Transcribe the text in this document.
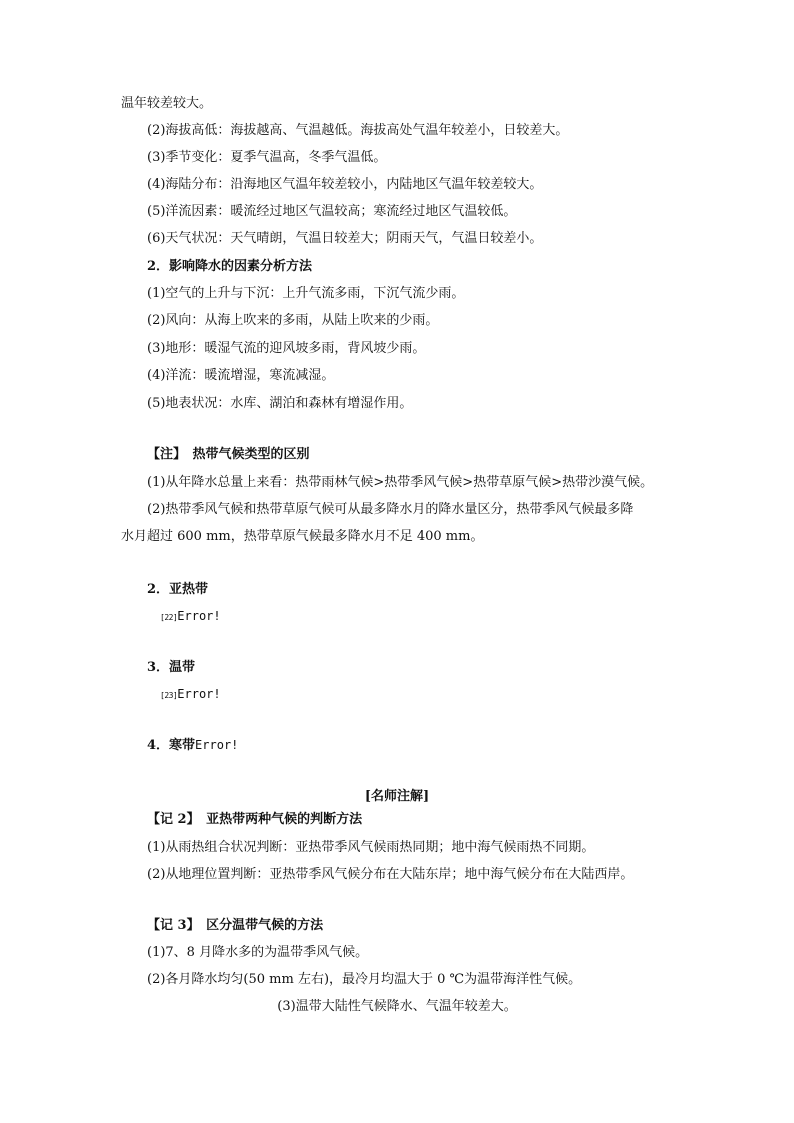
温年较差较大。
(2)海拔高低：海拔越高、气温越低。海拔高处气温年较差小，日较差大。
(3)季节变化：夏季气温高，冬季气温低。
(4)海陆分布：沿海地区气温年较差较小，内陆地区气温年较差较大。
(5)洋流因素：暖流经过地区气温较高；寒流经过地区气温较低。
(6)天气状况：天气晴朗，气温日较差大；阴雨天气，气温日较差小。
2．影响降水的因素分析方法
(1)空气的上升与下沉：上升气流多雨，下沉气流少雨。
(2)风向：从海上吹来的多雨，从陆上吹来的少雨。
(3)地形：暖湿气流的迎风坡多雨，背风坡少雨。
(4)洋流：暖流增湿，寒流减湿。
(5)地表状况：水库、湖泊和森林有增湿作用。
【注】　热带气候类型的区别
(1)从年降水总量上来看：热带雨林气候>热带季风气候>热带草原气候>热带沙漠气候。
(2)热带季风气候和热带草原气候可从最多降水月的降水量区分，热带季风气候最多降
水月超过 600 mm，热带草原气候最多降水月不足 400 mm。
2．亚热带
[22]Error!
3．温带
[23]Error!
4．寒带Error!
[名师注解]
【记 2】　亚热带两种气候的判断方法
(1)从雨热组合状况判断：亚热带季风气候雨热同期；地中海气候雨热不同期。
(2)从地理位置判断：亚热带季风气候分布在大陆东岸；地中海气候分布在大陆西岸。
【记 3】　区分温带气候的方法
(1)7、8 月降水多的为温带季风气候。
(2)各月降水均匀(50 mm 左右)，最冷月均温大于 0 ℃为温带海洋性气候。
(3)温带大陆性气候降水、气温年较差大。
